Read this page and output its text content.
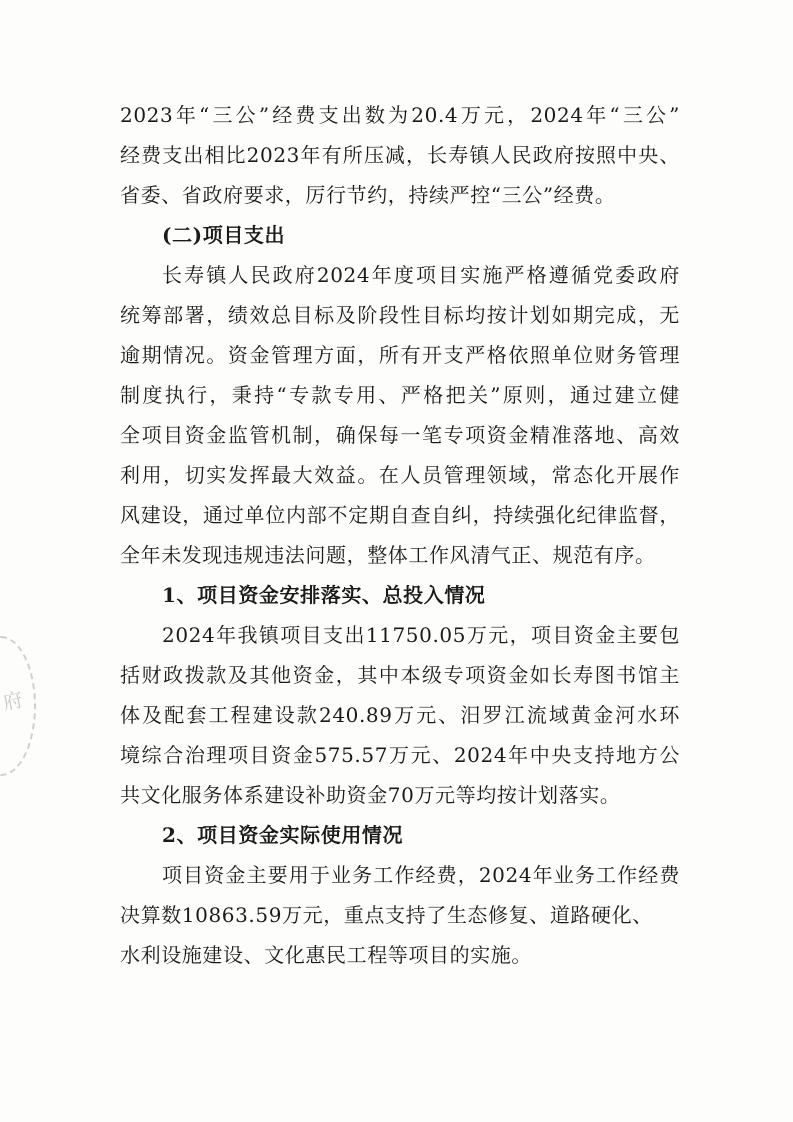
府
2023年“三公”经费支出数为20.4万元，2024年“三公”
经费支出相比2023年有所压减，长寿镇人民政府按照中央、
省委、省政府要求，厉行节约，持续严控“三公”经费。
(二)项目支出
长寿镇人民政府2024年度项目实施严格遵循党委政府
统筹部署，绩效总目标及阶段性目标均按计划如期完成，无
逾期情况。资金管理方面，所有开支严格依照单位财务管理
制度执行，秉持“专款专用、严格把关”原则，通过建立健
全项目资金监管机制，确保每一笔专项资金精准落地、高效
利用，切实发挥最大效益。在人员管理领域，常态化开展作
风建设，通过单位内部不定期自查自纠，持续强化纪律监督，
全年未发现违规违法问题，整体工作风清气正、规范有序。
1、项目资金安排落实、总投入情况
2024年我镇项目支出11750.05万元，项目资金主要包
括财政拨款及其他资金，其中本级专项资金如长寿图书馆主
体及配套工程建设款240.89万元、汨罗江流域黄金河水环
境综合治理项目资金575.57万元、2024年中央支持地方公
共文化服务体系建设补助资金70万元等均按计划落实。
2、项目资金实际使用情况
项目资金主要用于业务工作经费，2024年业务工作经费
决算数10863.59万元，重点支持了生态修复、道路硬化、
水利设施建设、文化惠民工程等项目的实施。
